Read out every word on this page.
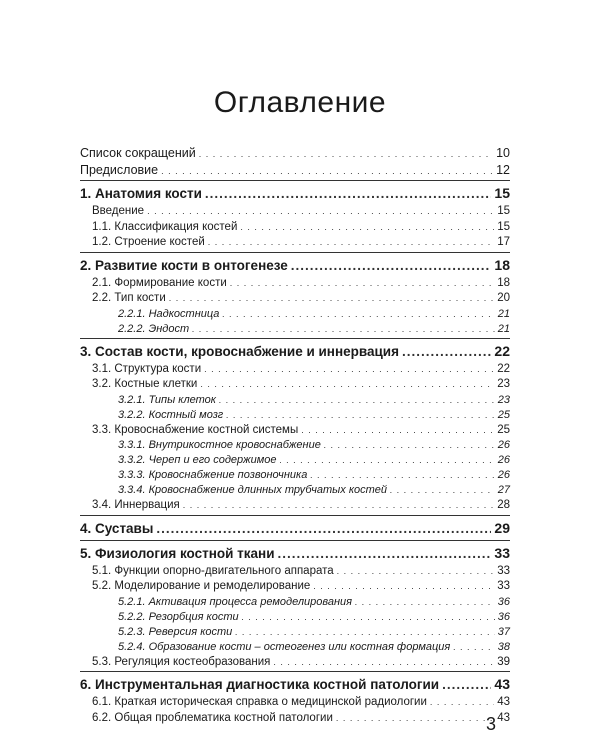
Оглавление
Список сокращений . . .	10
Предисловие . . .	12
1. Анатомия кости .....	15
Введение . . .	15
1.1. Классификация костей . . .	15
1.2. Строение костей . . .	17
2. Развитие кости в онтогенезе .....	18
2.1. Формирование кости . . .	18
2.2. Тип кости . . .	20
2.2.1. Надкостница . . .	21
2.2.2. Эндост . . .	21
3. Состав кости, кровоснабжение и иннервация .....	22
3.1. Структура кости . . .	22
3.2. Костные клетки . . .	23
3.2.1. Типы клеток . . .	23
3.2.2. Костный мозг . . .	25
3.3. Кровоснабжение костной системы . . .	25
3.3.1. Внутрикостное кровоснабжение . . .	26
3.3.2. Череп и его содержимое . . .	26
3.3.3. Кровоснабжение позвоночника . . .	26
3.3.4. Кровоснабжение длинных трубчатых костей . . .	27
3.4. Иннервация . . .	28
4. Суставы .....	29
5. Физиология костной ткани .....	33
5.1. Функции опорно-двигательного аппарата . . .	33
5.2. Моделирование и ремоделирование . . .	33
5.2.1. Активация процесса ремоделирования . . .	36
5.2.2. Резорбция кости . . .	36
5.2.3. Реверсия кости . . .	37
5.2.4. Образование кости – остеогенез или костная формация . . .	38
5.3. Регуляция костеобразования . . .	39
6. Инструментальная диагностика костной патологии .....	43
6.1. Краткая историческая справка о медицинской радиологии . . .	43
6.2. Общая проблематика костной патологии . . .	43
3
